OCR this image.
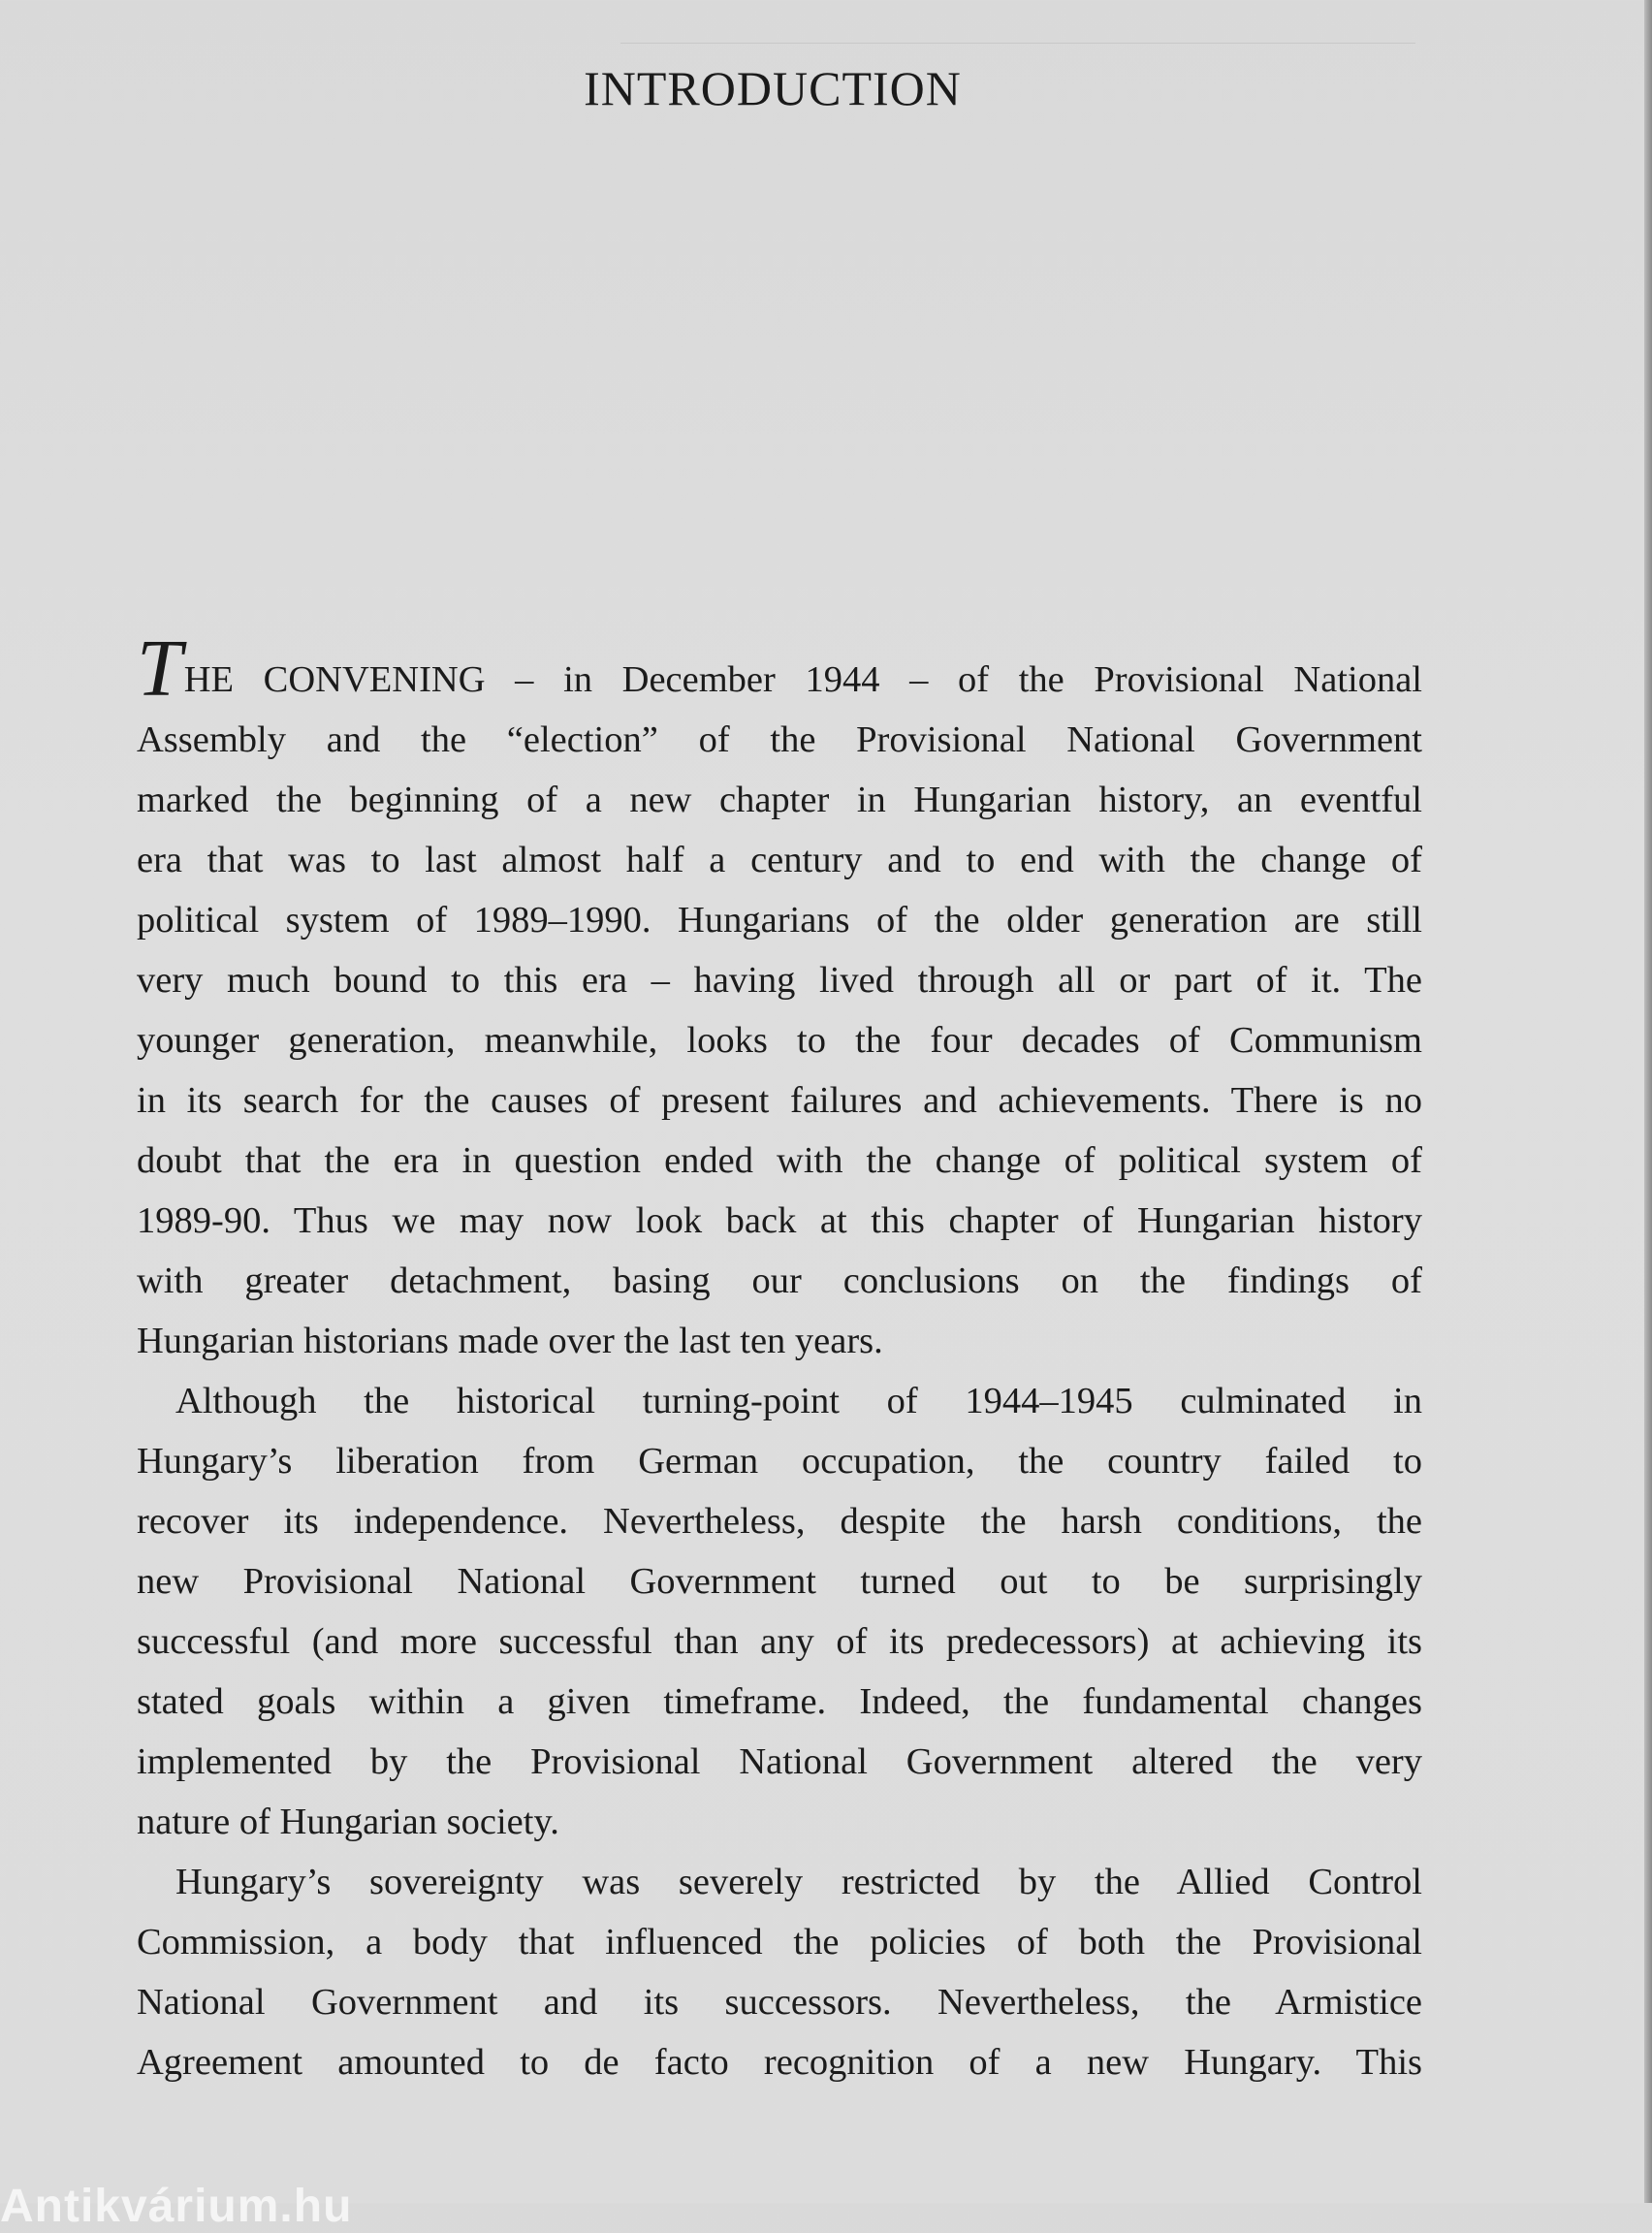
INTRODUCTION
THE CONVENING – in December 1944 – of the Provisional National
Assembly and the “election” of the Provisional National Government
marked the beginning of a new chapter in Hungarian history, an eventful
era that was to last almost half a century and to end with the change of
political system of 1989–1990. Hungarians of the older generation are still
very much bound to this era – having lived through all or part of it. The
younger generation, meanwhile, looks to the four decades of Communism
in its search for the causes of present failures and achievements. There is no
doubt that the era in question ended with the change of political system of
1989-90. Thus we may now look back at this chapter of Hungarian history
with greater detachment, basing our conclusions on the findings of
Hungarian historians made over the last ten years.
Although the historical turning-point of 1944–1945 culminated in
Hungary’s liberation from German occupation, the country failed to
recover its independence. Nevertheless, despite the harsh conditions, the
new Provisional National Government turned out to be surprisingly
successful (and more successful than any of its predecessors) at achieving its
stated goals within a given timeframe. Indeed, the fundamental changes
implemented by the Provisional National Government altered the very
nature of Hungarian society.
Hungary’s sovereignty was severely restricted by the Allied Control
Commission, a body that influenced the policies of both the Provisional
National Government and its successors. Nevertheless, the Armistice
Agreement amounted to de facto recognition of a new Hungary. This
Antikvárium.hu
